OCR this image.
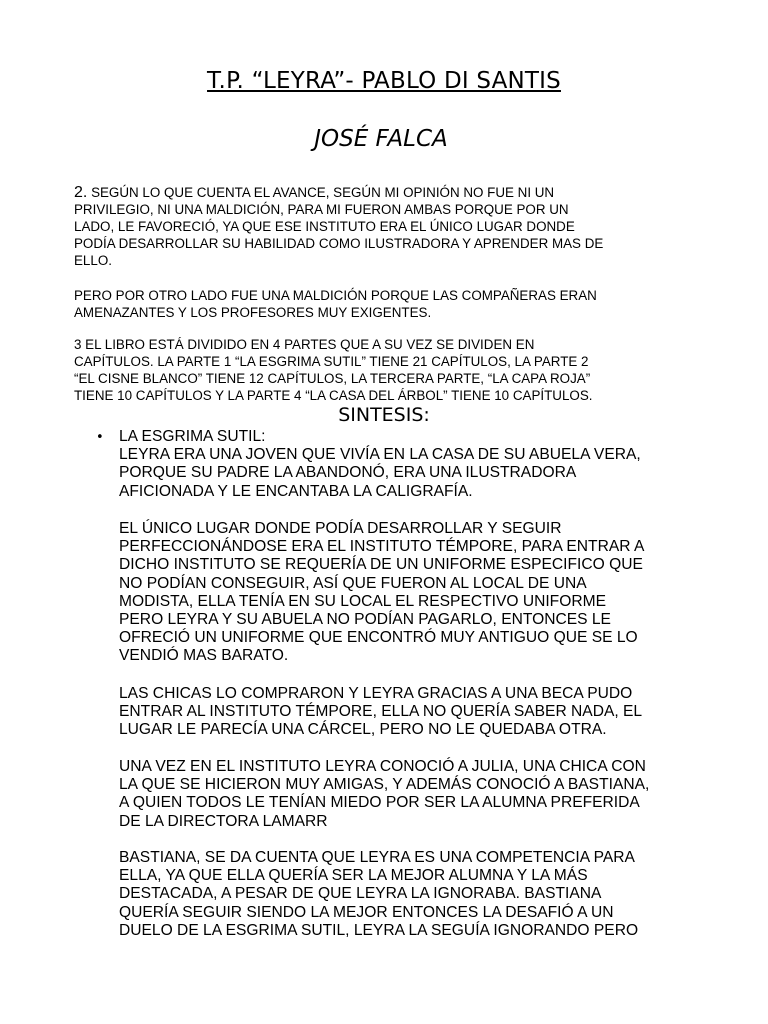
T.P. “LEYRA”- PABLO DI SANTIS
JOSÉ FALCA
2. SEGÚN LO QUE CUENTA EL AVANCE, SEGÚN MI OPINIÓN NO FUE NI UN
PRIVILEGIO, NI UNA MALDICIÓN, PARA MI FUERON AMBAS PORQUE POR UN
LADO, LE FAVORECIÓ, YA QUE ESE INSTITUTO ERA EL ÚNICO LUGAR DONDE
PODÍA DESARROLLAR SU HABILIDAD COMO ILUSTRADORA Y APRENDER MAS DE
ELLO.
PERO POR OTRO LADO FUE UNA MALDICIÓN PORQUE LAS COMPAÑERAS ERAN
AMENAZANTES Y LOS PROFESORES MUY EXIGENTES.
3 EL LIBRO ESTÁ DIVIDIDO EN 4 PARTES QUE A SU VEZ SE DIVIDEN EN
CAPÍTULOS. LA PARTE 1 “LA ESGRIMA SUTIL” TIENE 21 CAPÍTULOS, LA PARTE 2
“EL CISNE BLANCO” TIENE 12 CAPÍTULOS, LA TERCERA PARTE, “LA CAPA ROJA”
TIENE 10 CAPÍTULOS Y LA PARTE 4 “LA CASA DEL ÁRBOL” TIENE 10 CAPÍTULOS.
SINTESIS:
• LA ESGRIMA SUTIL:
LEYRA ERA UNA JOVEN QUE VIVÍA EN LA CASA DE SU ABUELA VERA,
PORQUE SU PADRE LA ABANDONÓ, ERA UNA ILUSTRADORA
AFICIONADA Y LE ENCANTABA LA CALIGRAFÍA.
EL ÚNICO LUGAR DONDE PODÍA DESARROLLAR Y SEGUIR
PERFECCIONÁNDOSE ERA EL INSTITUTO TÉMPORE, PARA ENTRAR A
DICHO INSTITUTO SE REQUERÍA DE UN UNIFORME ESPECIFICO QUE
NO PODÍAN CONSEGUIR, ASÍ QUE FUERON AL LOCAL DE UNA
MODISTA, ELLA TENÍA EN SU LOCAL EL RESPECTIVO UNIFORME
PERO LEYRA Y SU ABUELA NO PODÍAN PAGARLO, ENTONCES LE
OFRECIÓ UN UNIFORME QUE ENCONTRÓ MUY ANTIGUO QUE SE LO
VENDIÓ MAS BARATO.
LAS CHICAS LO COMPRARON Y LEYRA GRACIAS A UNA BECA PUDO
ENTRAR AL INSTITUTO TÉMPORE, ELLA NO QUERÍA SABER NADA, EL
LUGAR LE PARECÍA UNA CÁRCEL, PERO NO LE QUEDABA OTRA.
UNA VEZ EN EL INSTITUTO LEYRA CONOCIÓ A JULIA, UNA CHICA CON
LA QUE SE HICIERON MUY AMIGAS, Y ADEMÁS CONOCIÓ A BASTIANA,
A QUIEN TODOS LE TENÍAN MIEDO POR SER LA ALUMNA PREFERIDA
DE LA DIRECTORA LAMARR
BASTIANA, SE DA CUENTA QUE LEYRA ES UNA COMPETENCIA PARA
ELLA, YA QUE ELLA QUERÍA SER LA MEJOR ALUMNA Y LA MÁS
DESTACADA, A PESAR DE QUE LEYRA LA IGNORABA. BASTIANA
QUERÍA SEGUIR SIENDO LA MEJOR ENTONCES LA DESAFIÓ A UN
DUELO DE LA ESGRIMA SUTIL, LEYRA LA SEGUÍA IGNORANDO PERO
